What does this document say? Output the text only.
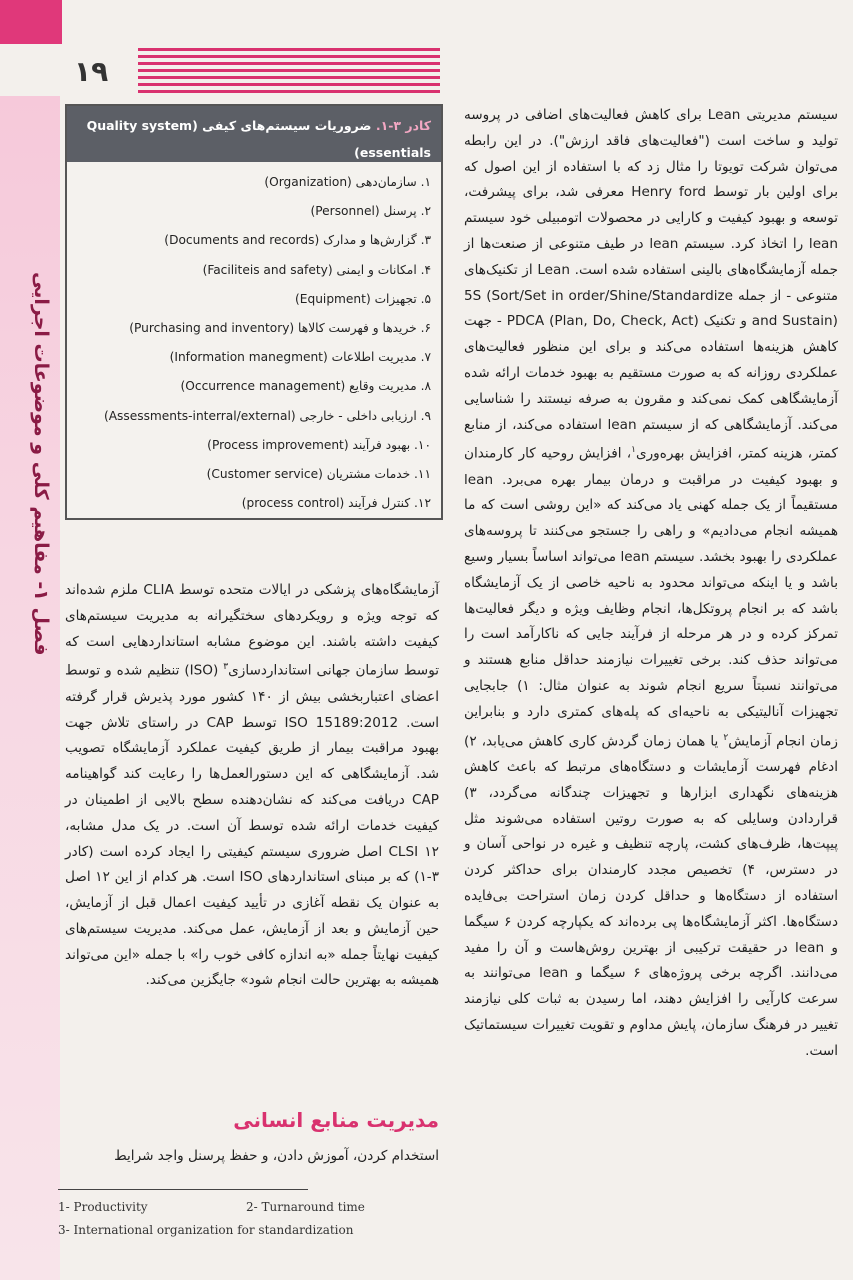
۱۹
فصل ۱- مفاهیم کلی و موضوعات اجرایی
کادر ۳-۱. ضروریات سیستم‌های کیفی (Quality system essentials)
۱. سازمان‌دهی (Organization)
۲. پرسنل (Personnel)
۳. گزارش‌ها و مدارک (Documents and records)
۴. امکانات و ایمنی (Faciliteis and safety)
۵. تجهیزات (Equipment)
۶. خریدها و فهرست کالاها (Purchasing and inventory)
۷. مدیریت اطلاعات (Information manegment)
۸. مدیریت وقایع (Occurrence management)
۹. ارزیابی داخلی - خارجی (Assessments-interral/external)
۱۰. بهبود فرآیند (Process improvement)
۱۱. خدمات مشتریان (Customer service)
۱۲. کنترل فرآیند (process control)
سیستم مدیریتی Lean برای کاهش فعالیت‌های اضافی در پروسه تولید و ساخت است ("فعالیت‌های فاقد ارزش"). در این رابطه می‌توان شرکت تویوتا را مثال زد که با استفاده از این اصول که برای اولین بار توسط Henry ford معرفی شد، برای پیشرفت، توسعه و بهبود کیفیت و کارایی در محصولات اتومبیلی خود سیستم lean را اتخاذ کرد. سیستم lean در طیف متنوعی از صنعت‌ها از جمله آزمایشگاه‌های بالینی استفاده شده است. Lean از تکنیک‌های متنوعی - از جمله 5S (Sort/Set in order/Shine/Standardize and Sustain) و تکنیک PDCA (Plan, Do, Check, Act) - جهت کاهش هزینه‌ها استفاده می‌کند و برای این منظور فعالیت‌های عملکردی روزانه که به صورت مستقیم به بهبود خدمات ارائه شده آزمایشگاهی کمک نمی‌کند و مقرون به صرفه نیستند را شناسایی می‌کند. آزمایشگاهی که از سیستم lean استفاده می‌کند، از منابع کمتر، هزینه کمتر، افزایش بهره‌وری$^۱$، افزایش روحیه کار کارمندان و بهبود کیفیت در مراقبت و درمان بیمار بهره می‌برد. lean مستقیماً از یک جمله کهنی یاد می‌کند که «این روشی است که ما همیشه انجام می‌دادیم» و راهی را جستجو می‌کنند تا پروسه‌های عملکردی را بهبود بخشد. سیستم lean می‌تواند اساساً بسیار وسیع باشد و یا اینکه می‌تواند محدود به ناحیه خاصی از یک آزمایشگاه باشد که بر انجام پروتکل‌ها، انجام وظایف ویژه و دیگر فعالیت‌ها تمرکز کرده و در هر مرحله از فرآیند جایی که ناکارآمد است را می‌تواند حذف کند. برخی تغییرات نیازمند حداقل منابع هستند و می‌توانند نسبتاً سریع انجام شوند به عنوان مثال: ۱) جابجایی تجهیزات آنالیتیکی به ناحیه‌ای که پله‌های کمتری دارد و بنابراین زمان انجام آزمایش$^۲$ یا همان زمان گردش کاری کاهش می‌یابد، ۲) ادغام فهرست آزمایشات و دستگاه‌های مرتبط که باعث کاهش هزینه‌های نگهداری ابزارها و تجهیزات چندگانه می‌گردد، ۳) قراردادن وسایلی که به صورت روتین استفاده می‌شوند مثل پیپت‌ها، ظرف‌های کشت، پارچه تنظیف و غیره در نواحی آسان و در دسترس، ۴) تخصیص مجدد کارمندان برای حداکثر کردن استفاده از دستگاه‌ها و حداقل کردن زمان استراحت بی‌فایده دستگاه‌ها. اکثر آزمایشگاه‌ها پی برده‌اند که یکپارچه کردن ۶ سیگما و lean در حقیقت ترکیبی از بهترین روش‌هاست و آن را مفید می‌دانند. اگرچه برخی پروژه‌های ۶ سیگما و lean می‌توانند به سرعت کارآیی را افزایش دهند، اما رسیدن به ثبات کلی نیازمند تغییر در فرهنگ سازمان، پایش مداوم و تقویت تغییرات سیستماتیک است.
آزمایشگاه‌های پزشکی در ایالات متحده توسط CLIA ملزم شده‌اند که توجه ویژه و رویکردهای سختگیرانه به مدیریت سیستم‌های کیفیت داشته باشند. این موضوع مشابه استانداردهایی است که توسط سازمان جهانی استانداردسازی$^۳$ (ISO) تنظیم شده و توسط اعضای اعتباربخشی بیش از ۱۴۰ کشور مورد پذیرش قرار گرفته است. ISO 15189:2012 توسط CAP در راستای تلاش جهت بهبود مراقبت بیمار از طریق کیفیت عملکرد آزمایشگاه تصویب شد. آزمایشگاهی که این دستورالعمل‌ها را رعایت کند گواهینامه CAP دریافت می‌کند که نشان‌دهنده سطح بالایی از اطمینان در کیفیت خدمات ارائه شده توسط آن است. در یک مدل مشابه، CLSI ۱۲ اصل ضروری سیستم کیفیتی را ایجاد کرده است (کادر ۳-۱) که بر مبنای استانداردهای ISO است. هر کدام از این ۱۲ اصل به عنوان یک نقطه آغازی در تأیید کیفیت اعمال قبل از آزمایش، حین آزمایش و بعد از آزمایش، عمل می‌کند. مدیریت سیستم‌های کیفیت نهایتاً جمله «به اندازه کافی خوب را» با جمله «این می‌تواند همیشه به بهترین حالت انجام شود» جایگزین می‌کند.
مدیریت منابع انسانی
استخدام کردن، آموزش دادن، و حفظ پرسنل واجد شرایط
1- Productivity	2- Turnaround time
3- International organization for standardization
